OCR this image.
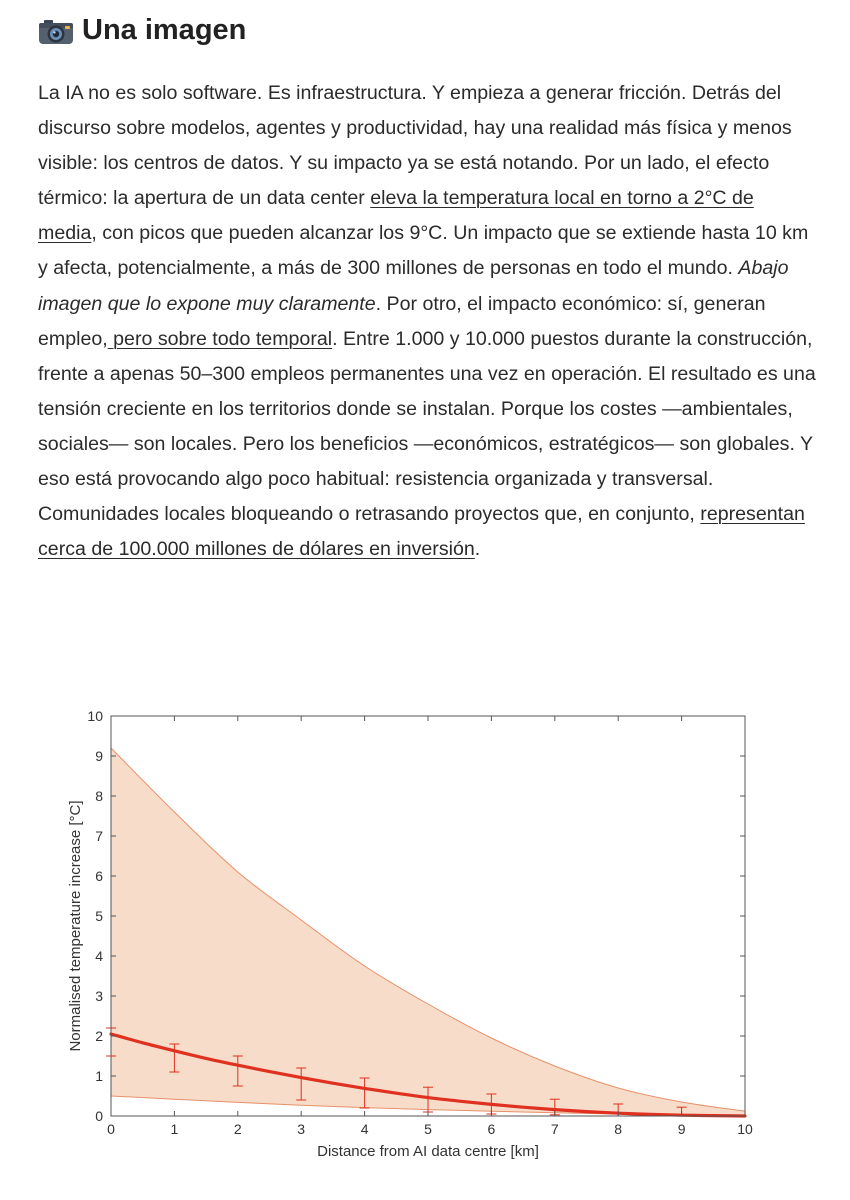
Una imagen

La IA no es solo software. Es infraestructura. Y empieza a generar fricción. Detrás del discurso sobre modelos, agentes y productividad, hay una realidad más física y menos visible: los centros de datos. Y su impacto ya se está notando. Por un lado, el efecto térmico: la apertura de un data center eleva la temperatura local en torno a 2°C de media, con picos que pueden alcanzar los 9°C. Un impacto que se extiende hasta 10 km y afecta, potencialmente, a más de 300 millones de personas en todo el mundo. Abajo imagen que lo expone muy claramente. Por otro, el impacto económico: sí, generan empleo, pero sobre todo temporal. Entre 1.000 y 10.000 puestos durante la construcción, frente a apenas 50–300 empleos permanentes una vez en operación. El resultado es una tensión creciente en los territorios donde se instalan. Porque los costes —ambientales, sociales— son locales. Pero los beneficios —económicos, estratégicos— son globales. Y eso está provocando algo poco habitual: resistencia organizada y transversal. Comunidades locales bloqueando o retrasando proyectos que, en conjunto, representan cerca de 100.000 millones de dólares en inversión.

0	1	2	3	4	5	6	7	8	9	10
0
1
2
3
4
5
6
7
8
9
10
Distance from AI data centre [km]
Normalised temperature increase [°C]
